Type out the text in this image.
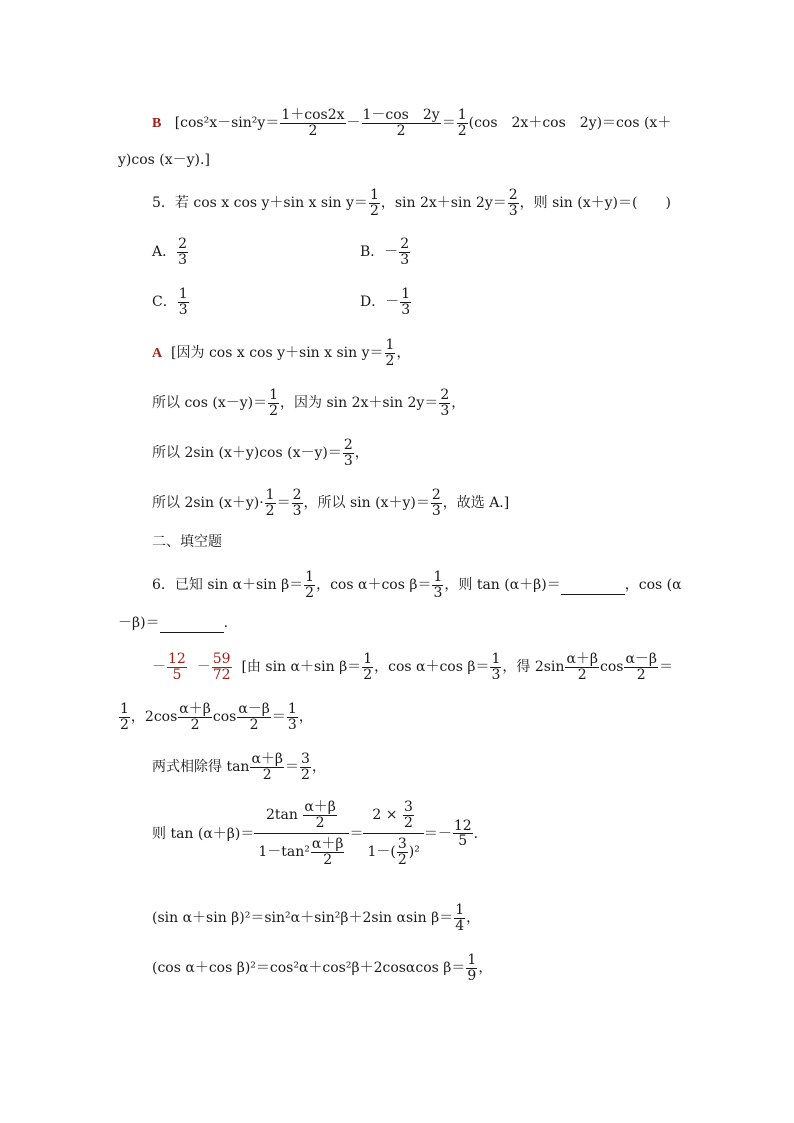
B [$\cos^2x-\sin^2y= \frac{1+\cos 2x}{2} - \frac{1-\cos 2y}{2} = \frac{1}{2} (\cos$　2x＋cos　2y)＝cos (x＋
y)cos (x－y).]
5．若 cos x cos y＋sin x $\sin y= \frac{1}{2}$ ，sin 2x＋sin $2y= \frac{2}{3}$ ，则 sin (x＋y)＝(　　)
A． $\frac{2}{3}$	B．－ $\frac{2}{3}$
C． $\frac{1}{3}$	D．－ $\frac{1}{3}$
A [因为 cos x cos y＋sin x $\sin y= \frac{1}{2}$ ，
所以 $\cos (x-y)= \frac{1}{2}$ ，因为 sin 2x＋sin $2y= \frac{2}{3}$ ，
所以 2sin (x＋y)cos $(x-y)= \frac{2}{3}$ ，
所以 2sin $(x+y)\cdot \frac{1}{2} = \frac{2}{3}$ ，所以 $\sin (x+y)= \frac{2}{3}$ ，故选 A.]
二、填空题
6．已知 sin α＋sin $\beta= \frac{1}{2}$ ，cos α＋cos $\beta= \frac{1}{3}$ ，则 tan (α＋β)＝	，cos (α
－β)＝	.
－ $\frac{12}{5} - \frac{59}{72}$ [由 sin α＋sin $\beta= \frac{1}{2}$ ，cos α＋cos $\beta= \frac{1}{3}$ ，得 $2\sin \frac{\alpha+\beta}{2}$ $\cos \frac{\alpha-\beta}{2}$ ＝
$\frac{1}{2}$ ，$2\cos \frac{\alpha+\beta}{2}$ $\cos \frac{\alpha-\beta}{2} = \frac{1}{3}$ ，
两式相除得 $\tan \frac{\alpha+\beta}{2} = \frac{3}{2}$ ，
则 $\tan (\alpha+\beta)= \frac{2\tan \frac{\alpha+\beta}{2}}{1-\tan^2 \frac{\alpha+\beta}{2}} = \frac{2 \times \frac{3}{2}}{1-( \frac{3}{2} )^2} =- \frac{12}{5}$ .
(sin α＋sin β)²＝sin²α＋sin²β＋2sin αsin $\beta= \frac{1}{4}$ ，
(cos α＋cos β)²＝cos²α＋cos²β＋2cosαcos $\beta= \frac{1}{9}$ ，
